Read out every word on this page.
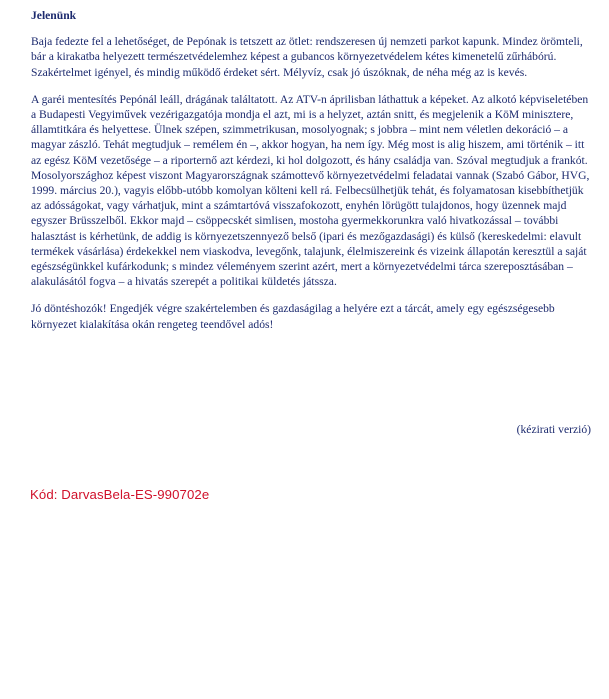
Jelenünk

Baja fedezte fel a lehetőséget, de Pepónak is tetszett az ötlet: rendszeresen új nemzeti parkot kapunk. Mindez örömteli, bár a kirakatba helyezett természetvédelemhez képest a gubancos környezetvédelem kétes kimenetelű zűrhábórú. Szakértelmet igényel, és mindig működő érdeket sért. Mélyvíz, csak jó úszóknak, de néha még az is kevés.

A garéi mentesítés Pepónál leáll, drágának találtatott. Az ATV-n áprilisban láthattuk a képeket. Az alkotó képviseletében a Budapesti Vegyiművek vezérigazgatója mondja el azt, mi is a helyzet, aztán snitt, és megjelenik a KöM minisztere, államtitkára és helyettese. Ülnek szépen, szimmetrikusan, mosolyognak; s jobbra – mint nem véletlen dekoráció – a magyar zászló. Tehát megtudjuk – remélem én –, akkor hogyan, ha nem így. Még most is alig hiszem, ami történik – itt az egész KöM vezetősége – a riporternő azt kérdezi, ki hol dolgozott, és hány családja van. Szóval megtudjuk a frankót. Mosolyországhoz képest viszont Magyarországnak számottevő környezetvédelmi feladatai vannak (Szabó Gábor, HVG, 1999. március 20.), vagyis előbb-utóbb komolyan költeni kell rá. Felbecsülhetjük tehát, és folyamatosan kisebbíthetjük az adósságokat, vagy várhatjuk, mint a számtartóvá visszafokozott, enyhén lörügött tulajdonos, hogy üzennek majd egyszer Brüsszelből. Ekkor majd – csöppecskét simlisen, mostoha gyermekkorunkra való hivatkozással – további halasztást is kérhetünk, de addig is környezetszennyező belső (ipari és mezőgazdasági) és külső (kereskedelmi: elavult termékek vásárlása) érdekekkel nem viaskodva, levegőnk, talajunk, élelmiszereink és vizeink állapotán keresztül a saját egészségünkkel kufárkodunk; s mindez véleményem szerint azért, mert a környezetvédelmi tárca szereposztásában – alakulásától fogva – a hivatás szerepét a politikai küldetés játssza.

Jó döntéshozók! Engedjék végre szakértelemben és gazdaságilag a helyére ezt a tárcát, amely egy egészségesebb környezet kialakítása okán rengeteg teendővel adós!

(kézirati verzió)
Kód: DarvasBela-ES-990702e
